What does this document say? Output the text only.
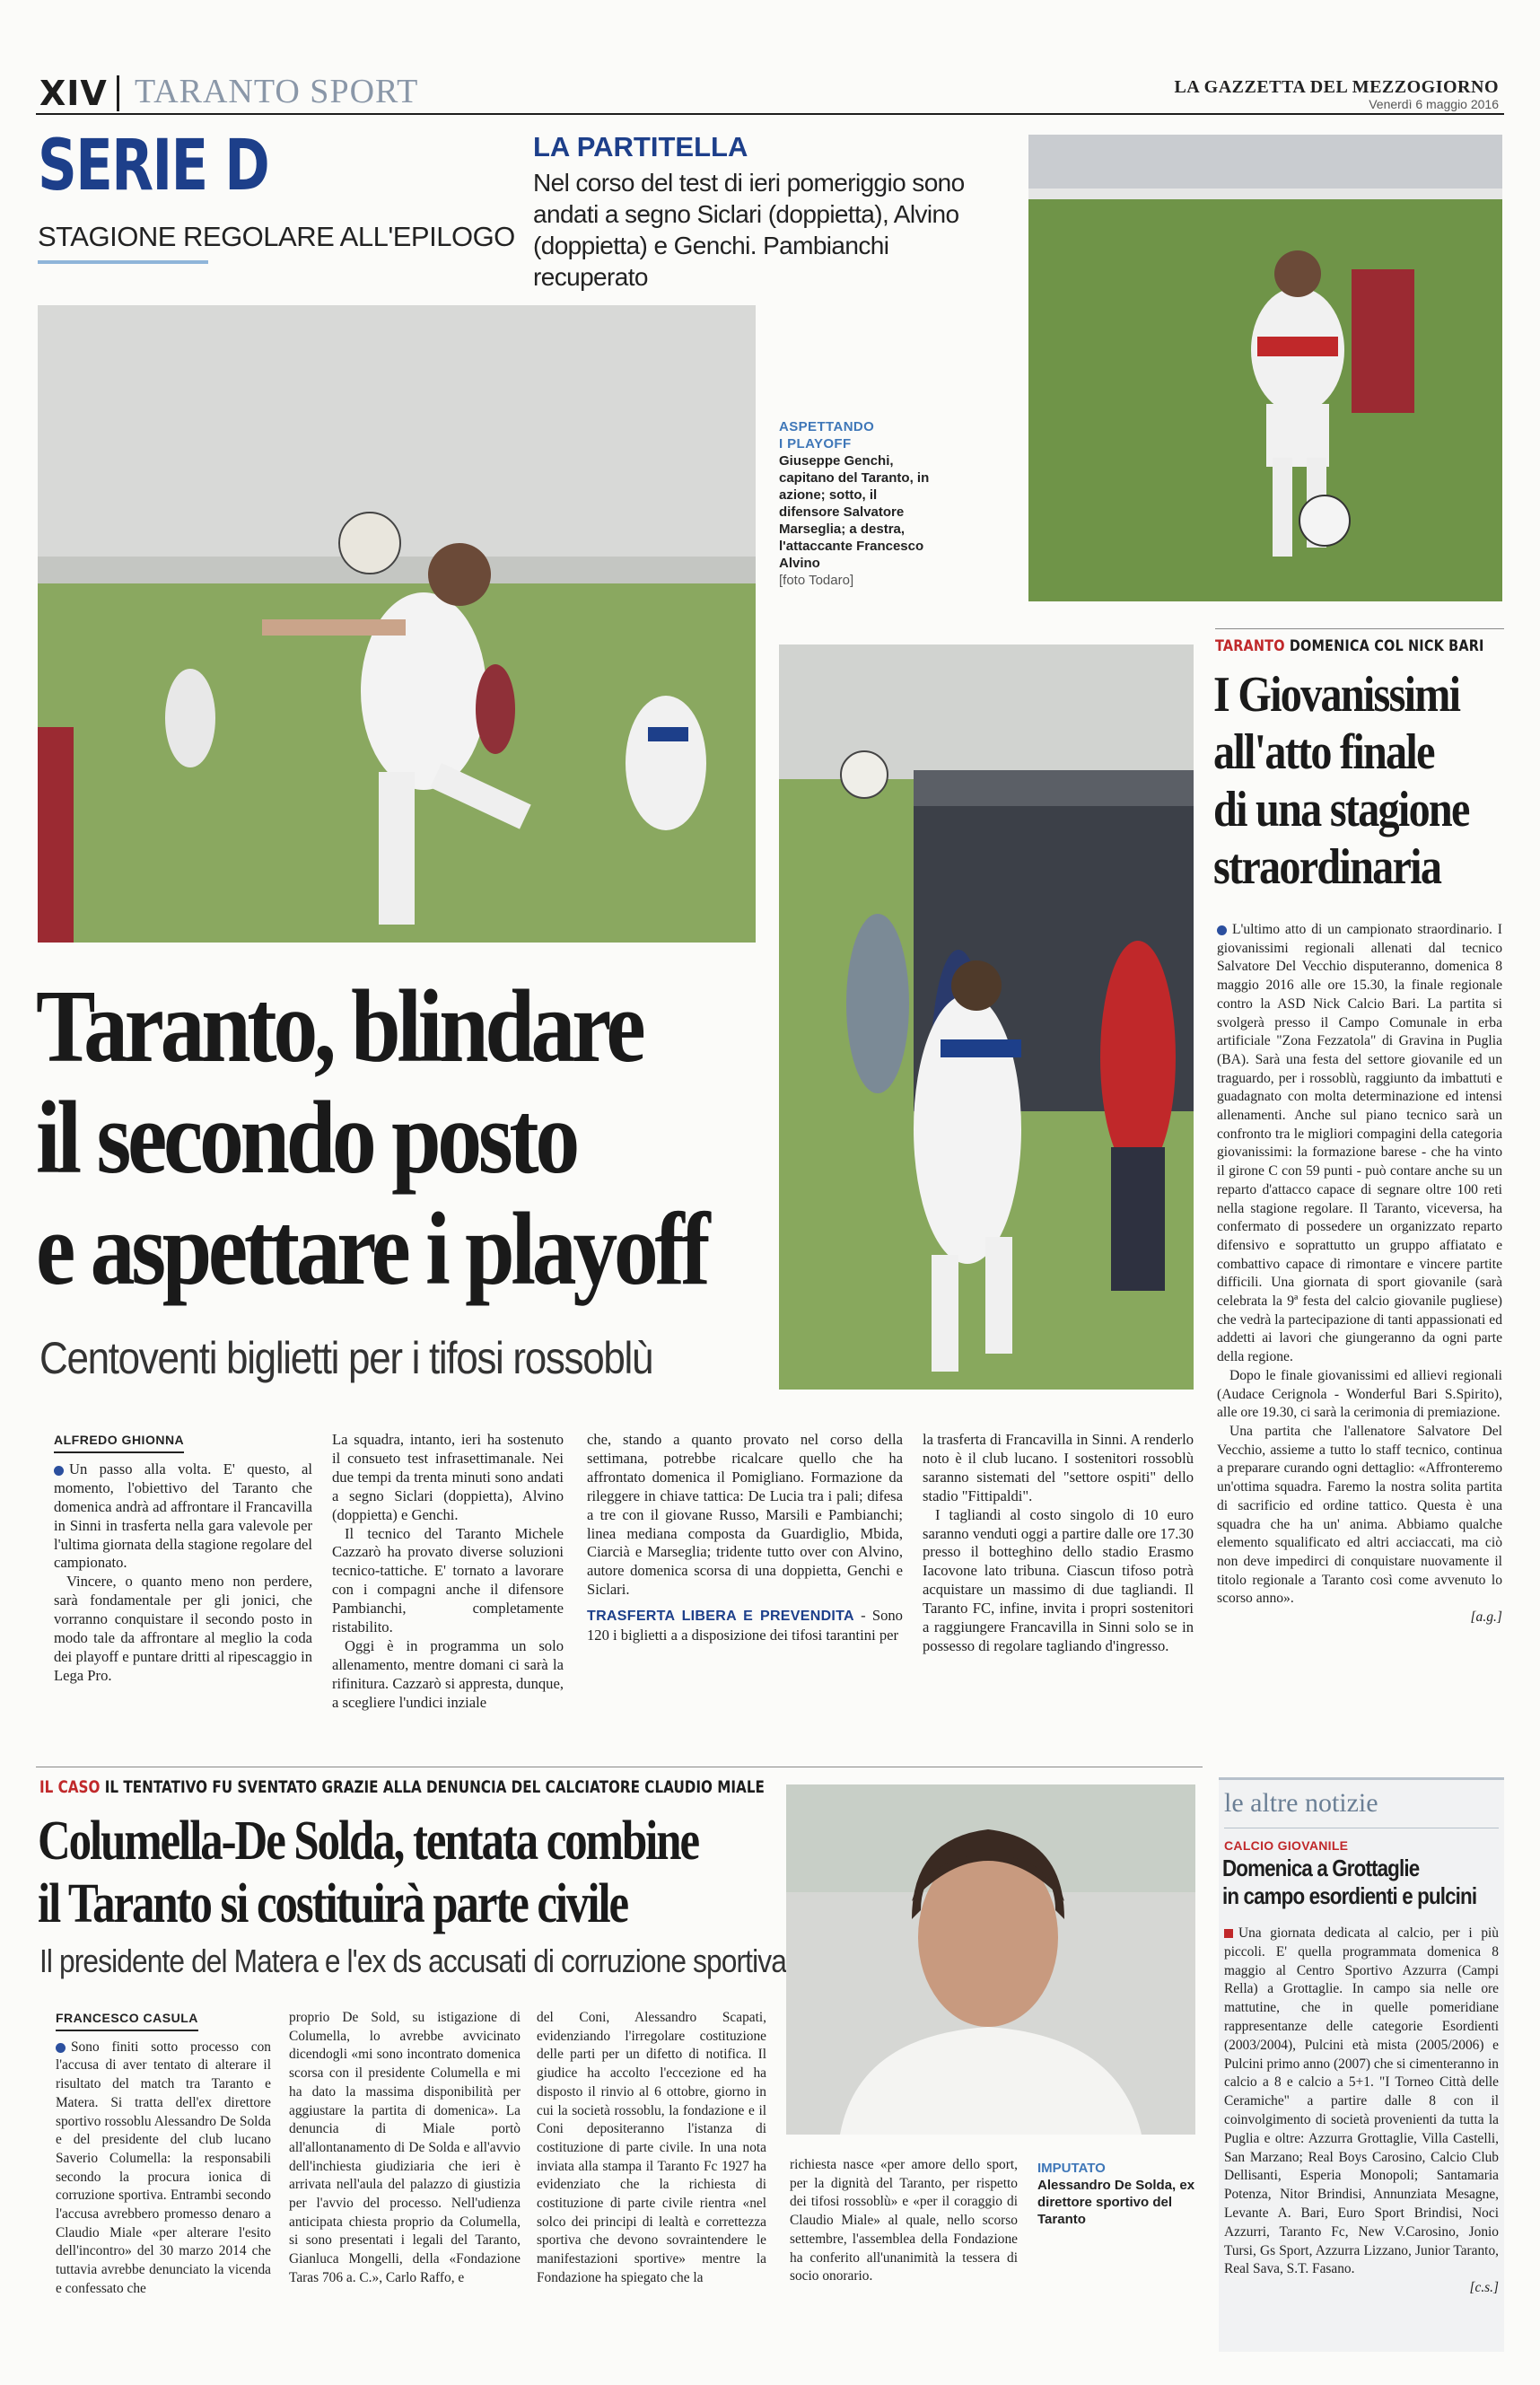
XIV TARANTO SPORT	LA GAZZETTA DEL MEZZOGIORNO
Venerdì 6 maggio 2016
SERIE D
STAGIONE REGOLARE ALL'EPILOGO
LA PARTITELLA
Nel corso del test di ieri pomeriggio sono andati a segno Siclari (doppietta), Alvino (doppietta) e Genchi. Pambianchi recuperato
ASPETTANDO
I PLAYOFF
Giuseppe Genchi, capitano del Taranto, in azione; sotto, il difensore Salvatore Marseglia; a destra, l'attaccante Francesco Alvino
[foto Todaro]
Taranto, blindare
il secondo posto
e aspettare i playoff
Centoventi biglietti per i tifosi rossoblù
ALFREDO GHIONNA

Un passo alla volta. E' questo, al momento, l'obiettivo del Taranto che domenica andrà ad affrontare il Francavilla in Sinni in trasferta nella gara valevole per l'ultima giornata della stagione regolare del campionato.

Vincere, o quanto meno non perdere, sarà fondamentale per gli jonici, che vorranno conquistare il secondo posto in modo tale da affrontare al meglio la coda dei playoff e puntare dritti al ripescaggio in Lega Pro.

La squadra, intanto, ieri ha sostenuto il consueto test infrasettimanale. Nei due tempi da trenta minuti sono andati a segno Siclari (doppietta), Alvino (doppietta) e Genchi.

Il tecnico del Taranto Michele Cazzarò ha provato diverse soluzioni tecnico-tattiche. E' tornato a lavorare con i compagni anche il difensore Pambianchi, completamente ristabilito.

Oggi è in programma un solo allenamento, mentre domani ci sarà la rifinitura. Cazzarò si appresta, dunque, a scegliere l'undici inziale

che, stando a quanto provato nel corso della settimana, potrebbe ricalcare quello che ha affrontato domenica il Pomigliano. Formazione da rileggere in chiave tattica: De Lucia tra i pali; difesa a tre con il giovane Russo, Marsili e Pambianchi; linea mediana composta da Guardiglio, Mbida, Ciarcià e Marseglia; tridente tutto over con Alvino, autore domenica scorsa di una doppietta, Genchi e Siclari.

TRASFERTA LIBERA E PREVENDITA - Sono 120 i biglietti a a disposizione dei tifosi tarantini per

la trasferta di Francavilla in Sinni. A renderlo noto è il club lucano. I sostenitori rossoblù saranno sistemati del "settore ospiti" dello stadio "Fittipaldi".

I tagliandi al costo singolo di 10 euro saranno venduti oggi a partire dalle ore 17.30 presso il botteghino dello stadio Erasmo Iacovone lato tribuna. Ciascun tifoso potrà acquistare un massimo di due tagliandi. Il Taranto FC, infine, invita i propri sostenitori a raggiungere Francavilla in Sinni solo se in possesso di regolare tagliando d'ingresso.

TARANTO DOMENICA COL NICK BARI
I Giovanissimi
all'atto finale
di una stagione
straordinaria

L'ultimo atto di un campionato straordinario. I giovanissimi regionali allenati dal tecnico Salvatore Del Vecchio disputeranno, domenica 8 maggio 2016 alle ore 15.30, la finale regionale contro la ASD Nick Calcio Bari. La partita si svolgerà presso il Campo Comunale in erba artificiale "Zona Fezzatola" di Gravina in Puglia (BA). Sarà una festa del settore giovanile ed un traguardo, per i rossoblù, raggiunto da imbattuti e guadagnato con molta determinazione ed intensi allenamenti. Anche sul piano tecnico sarà un confronto tra le migliori compagini della categoria giovanissimi: la formazione barese - che ha vinto il girone C con 59 punti - può contare anche su un reparto d'attacco capace di segnare oltre 100 reti nella stagione regolare. Il Taranto, viceversa, ha confermato di possedere un organizzato reparto difensivo e soprattutto un gruppo affiatato e combattivo capace di rimontare e vincere partite difficili. Una giornata di sport giovanile (sarà celebrata la 9ª festa del calcio giovanile pugliese) che vedrà la partecipazione di tanti appassionati ed addetti ai lavori che giungeranno da ogni parte della regione.

Dopo le finale giovanissimi ed allievi regionali (Audace Cerignola - Wonderful Bari S.Spirito), alle ore 19.30, ci sarà la cerimonia di premiazione.

Una partita che l'allenatore Salvatore Del Vecchio, assieme a tutto lo staff tecnico, continua a preparare curando ogni dettaglio: «Affronteremo un'ottima squadra. Faremo la nostra solita partita di sacrificio ed ordine tattico. Questa è una squadra che ha un' anima. Abbiamo qualche elemento squalificato ed altri acciaccati, ma ciò non deve impedirci di conquistare nuovamente il titolo regionale a Taranto così come avvenuto lo scorso anno».

[a.g.]

IL CASO IL TENTATIVO FU SVENTATO GRAZIE ALLA DENUNCIA DEL CALCIATORE CLAUDIO MIALE
Columella-De Solda, tentata combine
il Taranto si costituirà parte civile
Il presidente del Matera e l'ex ds accusati di corruzione sportiva
FRANCESCO CASULA

Sono finiti sotto processo con l'accusa di aver tentato di alterare il risultato del match tra Taranto e Matera. Si tratta dell'ex direttore sportivo rossoblu Alessandro De Solda e del presidente del club lucano Saverio Columella: la responsabili secondo la procura ionica di corruzione sportiva. Entrambi secondo l'accusa avrebbero promesso denaro a Claudio Miale «per alterare l'esito dell'incontro» del 30 marzo 2014 che tuttavia avrebbe denunciato la vicenda e confessato che

proprio De Sold, su istigazione di Columella, lo avrebbe avvicinato dicendogli «mi sono incontrato domenica scorsa con il presidente Columella e mi ha dato la massima disponibilità per aggiustare la partita di domenica». La denuncia di Miale portò all'allontanamento di De Solda e all'avvio dell'inchiesta giudiziaria che ieri è arrivata nell'aula del palazzo di giustizia per l'avvio del processo. Nell'udienza anticipata chiesta proprio da Columella, si sono presentati i legali del Taranto, Gianluca Mongelli, della «Fondazione Taras 706 a. C.», Carlo Raffo, e

del Coni, Alessandro Scapati, evidenziando l'irregolare costituzione delle parti per un difetto di notifica. Il giudice ha accolto l'eccezione ed ha disposto il rinvio al 6 ottobre, giorno in cui la società rossoblu, la fondazione e il Coni depositeranno l'istanza di costituzione di parte civile. In una nota inviata alla stampa il Taranto Fc 1927 ha evidenziato che la richiesta di costituzione di parte civile rientra «nel solco dei principi di lealtà e correttezza sportiva che devono sovraintendere le manifestazioni sportive» mentre la Fondazione ha spiegato che la

richiesta nasce «per amore dello sport, per la dignità del Taranto, per rispetto dei tifosi rossoblù» e «per il coraggio di Claudio Miale» al quale, nello scorso settembre, l'assemblea della Fondazione ha conferito all'unanimità la tessera di socio onorario.

IMPUTATO
Alessandro De Solda, ex direttore sportivo del Taranto
le altre notizie
CALCIO GIOVANILE
Domenica a Grottaglie
in campo esordienti e pulcini

Una giornata dedicata al calcio, per i più piccoli. E' quella programmata domenica 8 maggio al Centro Sportivo Azzurra (Campi Rella) a Grottaglie. In campo sia nelle ore mattutine, che in quelle pomeridiane rappresentanze delle categorie Esordienti (2003/2004), Pulcini età mista (2005/2006) e Pulcini primo anno (2007) che si cimenteranno in calcio a 8 e calcio a 5+1. "I Torneo Città delle Ceramiche" a partire dalle 8 con il coinvolgimento di società provenienti da tutta la Puglia e oltre: Azzurra Grottaglie, Villa Castelli, San Marzano; Real Boys Carosino, Calcio Club Dellisanti, Esperia Monopoli; Santamaria Potenza, Nitor Brindisi, Annunziata Mesagne, Levante A. Bari, Euro Sport Brindisi, Noci Azzurri, Taranto Fc, New V.Carosino, Jonio Tursi, Gs Sport, Azzurra Lizzano, Junior Taranto, Real Sava, S.T. Fasano.

[c.s.]
